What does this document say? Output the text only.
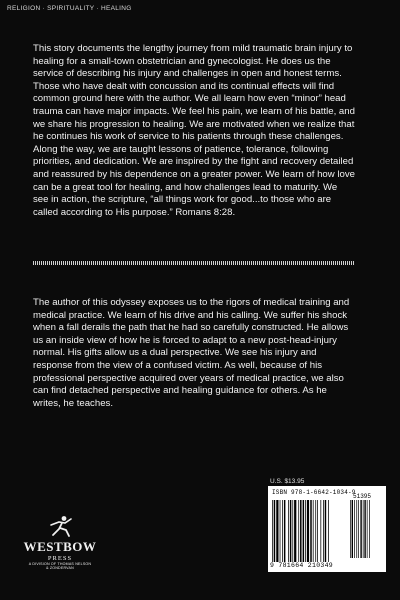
RELIGION · SPIRITUALITY · HEALING

This story documents the lengthy journey from mild traumatic brain injury to healing for a small-town obstetrician and gynecologist. He does us the service of describing his injury and challenges in open and honest terms. Those who have dealt with concussion and its continual effects will find common ground here with the author. We all learn how even “minor” head trauma can have major impacts. We feel his pain, we learn of his battle, and we share his progression to healing. We are motivated when we realize that he continues his work of service to his patients through these challenges. Along the way, we are taught lessons of patience, tolerance, following priorities, and dedication. We are inspired by the fight and recovery detailed and reassured by his dependence on a greater power. We learn of how love can be a great tool for healing, and how challenges lead to maturity. We see in action, the scripture, “all things work for good...to those who are called according to His purpose.” Romans 8:28.

The author of this odyssey exposes us to the rigors of medical training and medical practice. We learn of his drive and his calling. We suffer his shock when a fall derails the path that he had so carefully constructed. He allows us an inside view of how he is forced to adapt to a new post-head-injury normal. His gifts allow us a dual perspective. We see his injury and response from the view of a confused victim. As well, because of his professional perspective acquired over years of medical practice, we also can find detached perspective and healing guidance for others. As he writes, he teaches.

U.S. $13.95
ISBN 978-1-6642-1034-9
51395
9 781664 210349
WESTBOW
PRESS
A DIVISION OF THOMAS NELSON
& ZONDERVAN
